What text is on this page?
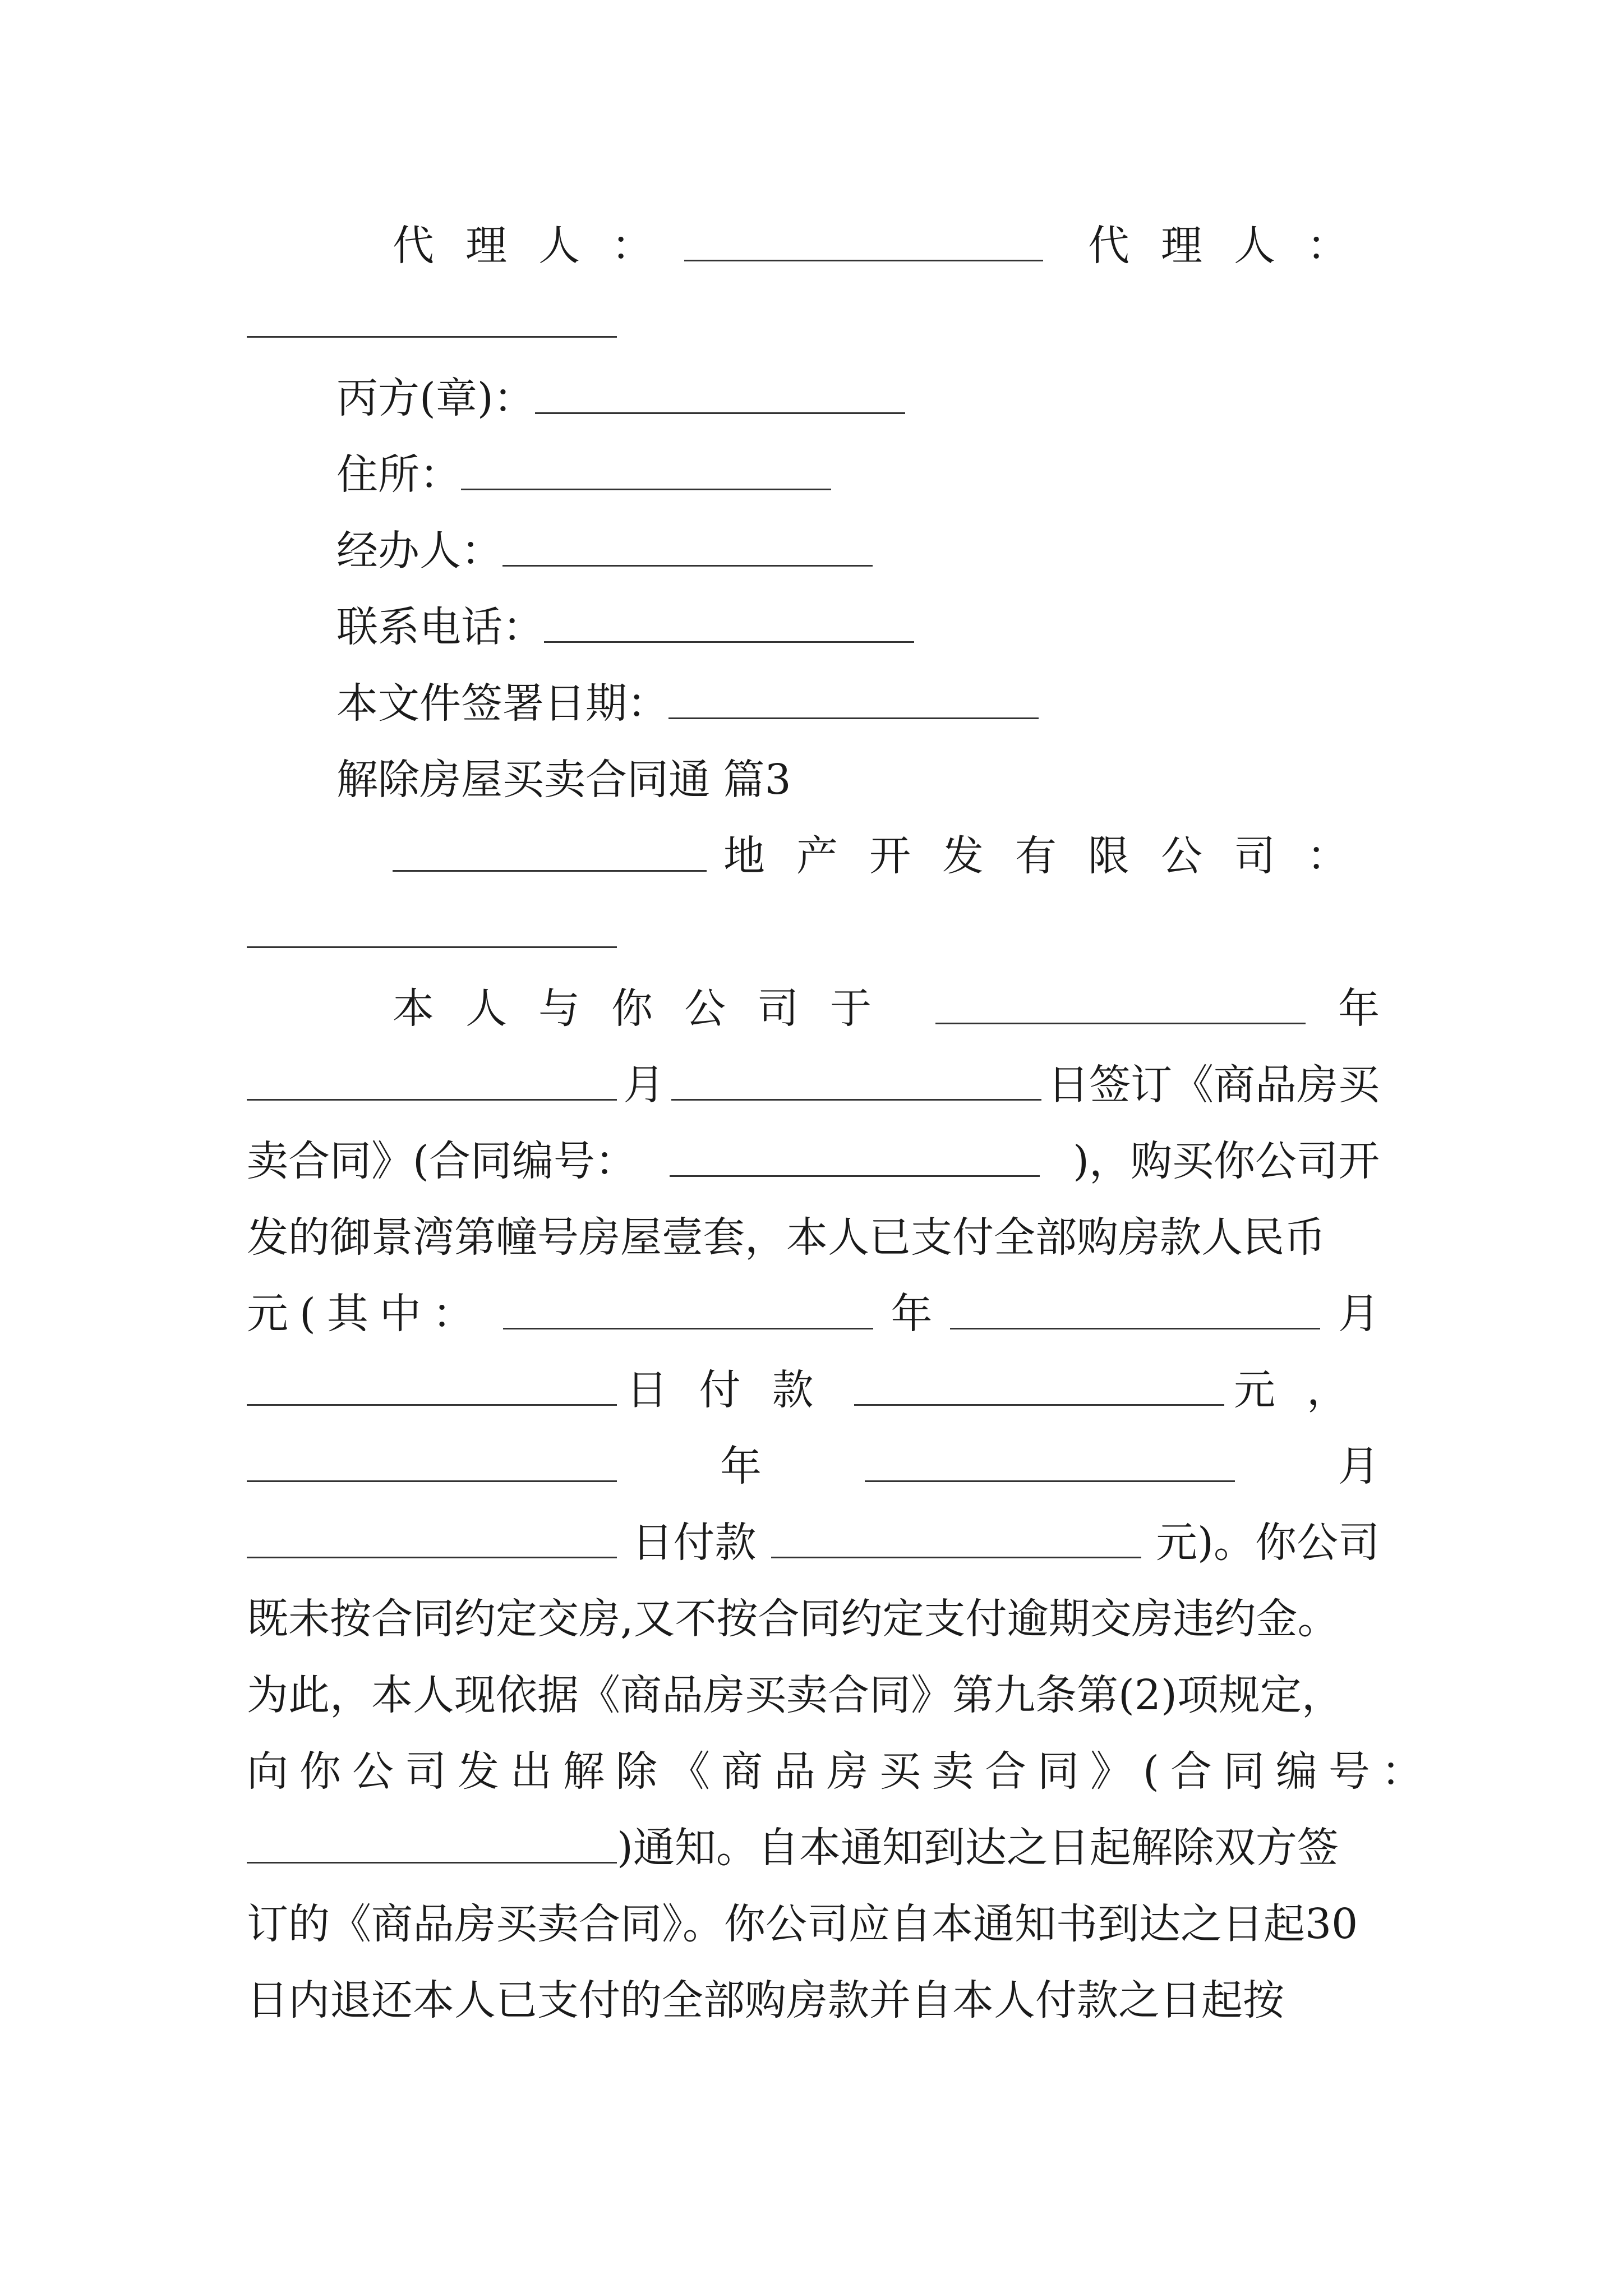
代理人：	代理人：
丙方(章)：
住所：
经办人：
联系电话：
本文件签署日期：
解除房屋买卖合同通 篇3
地产开发有限公司：
本人与你公司于	年
月	日签订《商品房买
卖合同》(合同编号：	)，购买你公司开
发的御景湾第幢号房屋壹套，本人已支付全部购房款人民币
元(其中：	年	月
日付款	元，
年	月
日付款	元)。你公司
既未按合同约定交房,又不按合同约定支付逾期交房违约金。
为此，本人现依据《商品房买卖合同》第九条第(2)项规定，
向你公司发出解除《商品房买卖合同》(合同编号：
)通知。自本通知到达之日起解除双方签
订的《商品房买卖合同》。你公司应自本通知书到达之日起30
日内退还本人已支付的全部购房款并自本人付款之日起按
